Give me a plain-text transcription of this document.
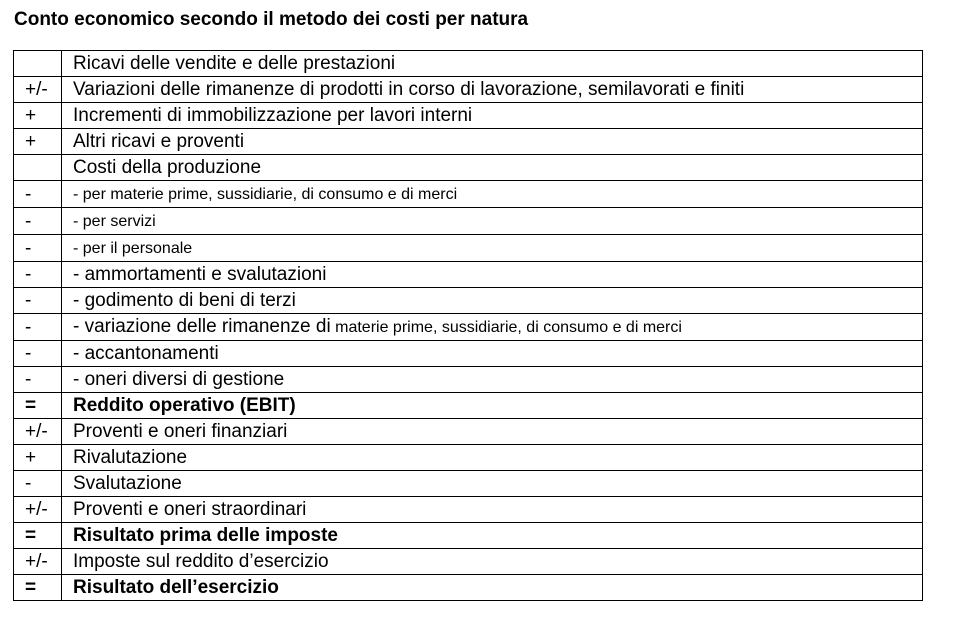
Conto economico secondo il metodo dei costi per natura
	Ricavi delle vendite e delle prestazioni
+/-	Variazioni delle rimanenze di prodotti in corso di lavorazione, semilavorati e finiti
+	Incrementi di immobilizzazione per lavori interni
+	Altri ricavi e proventi
	Costi della produzione
-	- per materie prime, sussidiarie, di consumo e di merci
-	- per servizi
-	- per il personale
-	- ammortamenti e svalutazioni
-	- godimento di beni di terzi
-	- variazione delle rimanenze di materie prime, sussidiarie, di consumo e di merci
-	- accantonamenti
-	- oneri diversi di gestione
=	Reddito operativo (EBIT)
+/-	Proventi e oneri finanziari
+	Rivalutazione
-	Svalutazione
+/-	Proventi e oneri straordinari
=	Risultato prima delle imposte
+/-	Imposte sul reddito d’esercizio
=	Risultato dell’esercizio
